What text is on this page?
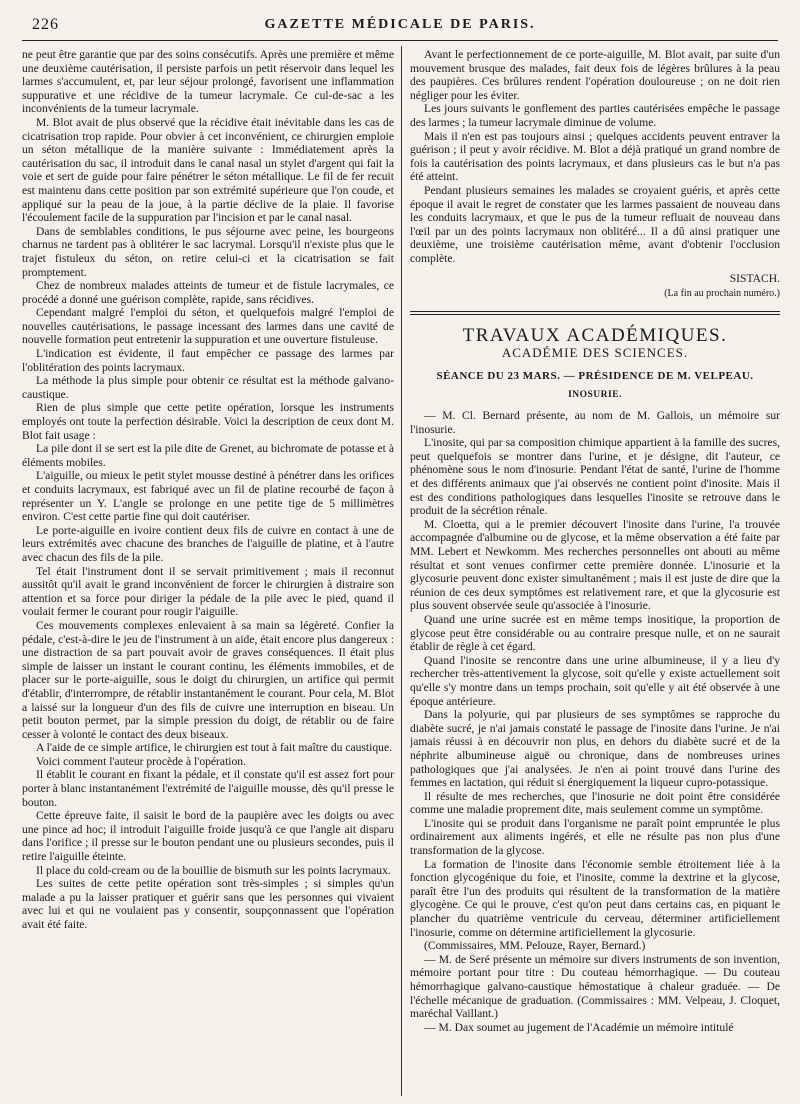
226	GAZETTE MÉDICALE DE PARIS.

ne peut être garantie que par des soins consécutifs. Après une première et même une deuxième cautérisation, il persiste parfois un petit réservoir dans lequel les larmes s'accumulent, et, par leur séjour prolongé, favorisent une inflammation suppurative et une récidive de la tumeur lacrymale. Ce cul-de-sac a les inconvénients de la tumeur lacrymale.

M. Blot avait de plus observé que la récidive était inévitable dans les cas de cicatrisation trop rapide. Pour obvier à cet inconvénient, ce chirurgien emploie un séton métallique de la manière suivante : Immédiatement après la cautérisation du sac, il introduit dans le canal nasal un stylet d'argent qui fait la voie et sert de guide pour faire pénétrer le séton métallique. Le fil de fer recuit est maintenu dans cette position par son extrémité supérieure que l'on coude, et appliqué sur la peau de la joue, à la partie déclive de la plaie. Il favorise l'écoulement facile de la suppuration par l'incision et par le canal nasal.

Dans de semblables conditions, le pus séjourne avec peine, les bourgeons charnus ne tardent pas à oblitérer le sac lacrymal. Lorsqu'il n'existe plus que le trajet fistuleux du séton, on retire celui-ci et la cicatrisation se fait promptement.

Chez de nombreux malades atteints de tumeur et de fistule lacrymales, ce procédé a donné une guérison complète, rapide, sans récidives.

Cependant malgré l'emploi du séton, et quelquefois malgré l'emploi de nouvelles cautérisations, le passage incessant des larmes dans une cavité de nouvelle formation peut entretenir la suppuration et une ouverture fistuleuse.

L'indication est évidente, il faut empêcher ce passage des larmes par l'oblitération des points lacrymaux.

La méthode la plus simple pour obtenir ce résultat est la méthode galvano-caustique.

Rien de plus simple que cette petite opération, lorsque les instruments employés ont toute la perfection désirable. Voici la description de ceux dont M. Blot fait usage :

La pile dont il se sert est la pile dite de Grenet, au bichromate de potasse et à éléments mobiles.

L'aiguille, ou mieux le petit stylet mousse destiné à pénétrer dans les orifices et conduits lacrymaux, est fabriqué avec un fil de platine recourbé de façon à représenter un Y. L'angle se prolonge en une petite tige de 5 millimètres environ. C'est cette partie fine qui doit cautériser.

Le porte-aiguille en ivoire contient deux fils de cuivre en contact à une de leurs extrémités avec chacune des branches de l'aiguille de platine, et à l'autre avec chacun des fils de la pile.

Tel était l'instrument dont il se servait primitivement ; mais il reconnut aussitôt qu'il avait le grand inconvénient de forcer le chirurgien à distraire son attention et sa force pour diriger la pédale de la pile avec le pied, quand il voulait fermer le courant pour rougir l'aiguille.

Ces mouvements complexes enlevaient à sa main sa légèreté. Confier la pédale, c'est-à-dire le jeu de l'instrument à un aide, était encore plus dangereux : une distraction de sa part pouvait avoir de graves conséquences. Il était plus simple de laisser un instant le courant continu, les éléments immobiles, et de placer sur le porte-aiguille, sous le doigt du chirurgien, un artifice qui permit d'établir, d'interrompre, de rétablir instantanément le courant. Pour cela, M. Blot a laissé sur la longueur d'un des fils de cuivre une interruption en biseau. Un petit bouton permet, par la simple pression du doigt, de rétablir ou de faire cesser à volonté le contact des deux biseaux.

A l'aide de ce simple artifice, le chirurgien est tout à fait maître du caustique.

Voici comment l'auteur procède à l'opération.

Il établit le courant en fixant la pédale, et il constate qu'il est assez fort pour porter à blanc instantanément l'extrémité de l'aiguille mousse, dès qu'il presse le bouton.

Cette épreuve faite, il saisit le bord de la paupière avec les doigts ou avec une pince ad hoc; il introduit l'aiguille froide jusqu'à ce que l'angle ait disparu dans l'orifice ; il presse sur le bouton pendant une ou plusieurs secondes, puis il retire l'aiguille éteinte.

Il place du cold-cream ou de la bouillie de bismuth sur les points lacrymaux.

Les suites de cette petite opération sont très-simples ; si simples qu'un malade a pu la laisser pratiquer et guérir sans que les personnes qui vivaient avec lui et qui ne voulaient pas y consentir, soupçonnassent que l'opération avait été faite.

Avant le perfectionnement de ce porte-aiguille, M. Blot avait, par suite d'un mouvement brusque des malades, fait deux fois de légères brûlures à la peau des paupières. Ces brûlures rendent l'opération douloureuse ; on ne doit rien négliger pour les éviter.

Les jours suivants le gonflement des parties cautérisées empêche le passage des larmes ; la tumeur lacrymale diminue de volume.

Mais il n'en est pas toujours ainsi ; quelques accidents peuvent entraver la guérison ; il peut y avoir récidive. M. Blot a déjà pratiqué un grand nombre de fois la cautérisation des points lacrymaux, et dans plusieurs cas le but n'a pas été atteint.

Pendant plusieurs semaines les malades se croyaient guéris, et après cette époque il avait le regret de constater que les larmes passaient de nouveau dans les conduits lacrymaux, et que le pus de la tumeur refluait de nouveau dans l'œil par un des points lacrymaux non oblitéré... Il a dû ainsi pratiquer une deuxième, une troisième cautérisation même, avant d'obtenir l'occlusion complète.

SISTACH.
(La fin au prochain numéro.)
TRAVAUX ACADÉMIQUES.
ACADÉMIE DES SCIENCES.
SÉANCE DU 23 MARS. — PRÉSIDENCE DE M. VELPEAU.
INOSURIE.

— M. Cl. Bernard présente, au nom de M. Gallois, un mémoire sur l'inosurie.

L'inosite, qui par sa composition chimique appartient à la famille des sucres, peut quelquefois se montrer dans l'urine, et je désigne, dit l'auteur, ce phénomène sous le nom d'inosurie. Pendant l'état de santé, l'urine de l'homme et des différents animaux que j'ai observés ne contient point d'inosite. Mais il est des conditions pathologiques dans lesquelles l'inosite se retrouve dans le produit de la sécrétion rénale.

M. Cloetta, qui a le premier découvert l'inosite dans l'urine, l'a trouvée accompagnée d'albumine ou de glycose, et la même observation a été faite par MM. Lebert et Newkomm. Mes recherches personnelles ont abouti au même résultat et sont venues confirmer cette première donnée. L'inosurie et la glycosurie peuvent donc exister simultanément ; mais il est juste de dire que la réunion de ces deux symptômes est relativement rare, et que la glycosurie est plus souvent observée seule qu'associée à l'inosurie.

Quand une urine sucrée est en même temps inositique, la proportion de glycose peut être considérable ou au contraire presque nulle, et on ne saurait établir de règle à cet égard.

Quand l'inosite se rencontre dans une urine albumineuse, il y a lieu d'y rechercher très-attentivement la glycose, soit qu'elle y existe actuellement soit qu'elle s'y montre dans un temps prochain, soit qu'elle y ait été observée à une époque antérieure.

Dans la polyurie, qui par plusieurs de ses symptômes se rapproche du diabète sucré, je n'ai jamais constaté le passage de l'inosite dans l'urine. Je n'ai jamais réussi à en découvrir non plus, en dehors du diabète sucré et de la néphrite albumineuse aiguë ou chronique, dans de nombreuses urines pathologiques que j'ai analysées. Je n'en ai point trouvé dans l'urine des femmes en lactation, qui réduit si énergiquement la liqueur cupro-potassique.

Il résulte de mes recherches, que l'inosurie ne doit point être considérée comme une maladie proprement dite, mais seulement comme un symptôme.

L'inosite qui se produit dans l'organisme ne paraît point empruntée le plus ordinairement aux aliments ingérés, et elle ne résulte pas non plus d'une transformation de la glycose.

La formation de l'inosite dans l'économie semble étroitement liée à la fonction glycogénique du foie, et l'inosite, comme la dextrine et la glycose, paraît être l'un des produits qui résultent de la transformation de la matière glycogène. Ce qui le prouve, c'est qu'on peut dans certains cas, en piquant le plancher du quatrième ventricule du cerveau, déterminer artificiellement l'inosurie, comme on détermine artificiellement la glycosurie.

(Commissaires, MM. Pelouze, Rayer, Bernard.)

— M. de Seré présente un mémoire sur divers instruments de son invention, mémoire portant pour titre : Du couteau hémorrhagique. — Du couteau hémorrhagique galvano-caustique hémostatique à chaleur graduée. — De l'échelle mécanique de graduation. (Commissaires : MM. Velpeau, J. Cloquet, maréchal Vaillant.)

— M. Dax soumet au jugement de l'Académie un mémoire intitulé
